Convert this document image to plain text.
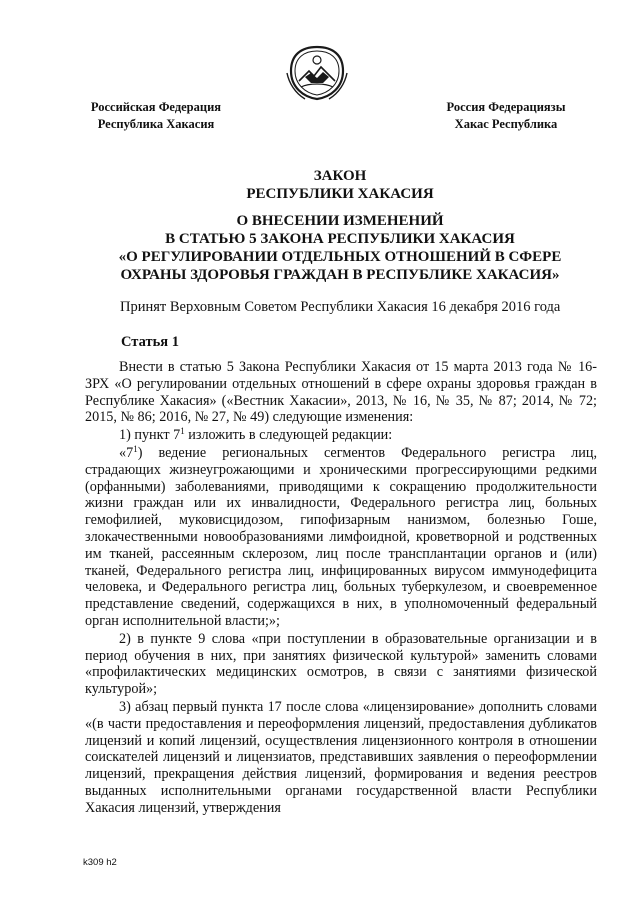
Российская Федерация
Республика Хакасия
Россия Федерациязы
Хакас Республика
ЗАКОН
РЕСПУБЛИКИ ХАКАСИЯ
О ВНЕСЕНИИ ИЗМЕНЕНИЙ
В СТАТЬЮ 5 ЗАКОНА РЕСПУБЛИКИ ХАКАСИЯ
«О РЕГУЛИРОВАНИИ ОТДЕЛЬНЫХ ОТНОШЕНИЙ В СФЕРЕ
ОХРАНЫ ЗДОРОВЬЯ ГРАЖДАН В РЕСПУБЛИКЕ ХАКАСИЯ»
Принят Верховным Советом Республики Хакасия 16 декабря 2016 года
Статья 1

Внести в статью 5 Закона Республики Хакасия от 15 марта 2013 года № 16-ЗРХ «О регулировании отдельных отношений в сфере охраны здоровья граждан в Республике Хакасия» («Вестник Хакасии», 2013, № 16, № 35, № 87; 2014, № 72; 2015, № 86; 2016, № 27, № 49) следующие изменения:

1) пункт $7^1$ изложить в следующей редакции:

«$7^1$) ведение региональных сегментов Федерального регистра лиц, страдающих жизнеугрожающими и хроническими прогрессирующими редкими (орфанными) заболеваниями, приводящими к сокращению продолжительности жизни граждан или их инвалидности, Федерального регистра лиц, больных гемофилией, муковисцидозом, гипофизарным нанизмом, болезнью Гоше, злокачественными новообразованиями лимфоидной, кроветворной и родственных им тканей, рассеянным склерозом, лиц после трансплантации органов и (или) тканей, Федерального регистра лиц, инфицированных вирусом иммунодефицита человека, и Федерального регистра лиц, больных туберкулезом, и своевременное представление сведений, содержащихся в них, в уполномоченный федеральный орган исполнительной власти;»;

2) в пункте 9 слова «при поступлении в образовательные организации и в период обучения в них, при занятиях физической культурой» заменить словами «профилактических медицинских осмотров, в связи с занятиями физической культурой»;

3) абзац первый пункта 17 после слова «лицензирование» дополнить словами «(в части предоставления и переоформления лицензий, предоставления дубликатов лицензий и копий лицензий, осуществления лицензионного контроля в отношении соискателей лицензий и лицензиатов, представивших заявления о переоформлении лицензий, прекращения действия лицензий, формирования и ведения реестров выданных исполнительными органами государственной власти Республики Хакасия лицензий, утверждения

k309 h2
